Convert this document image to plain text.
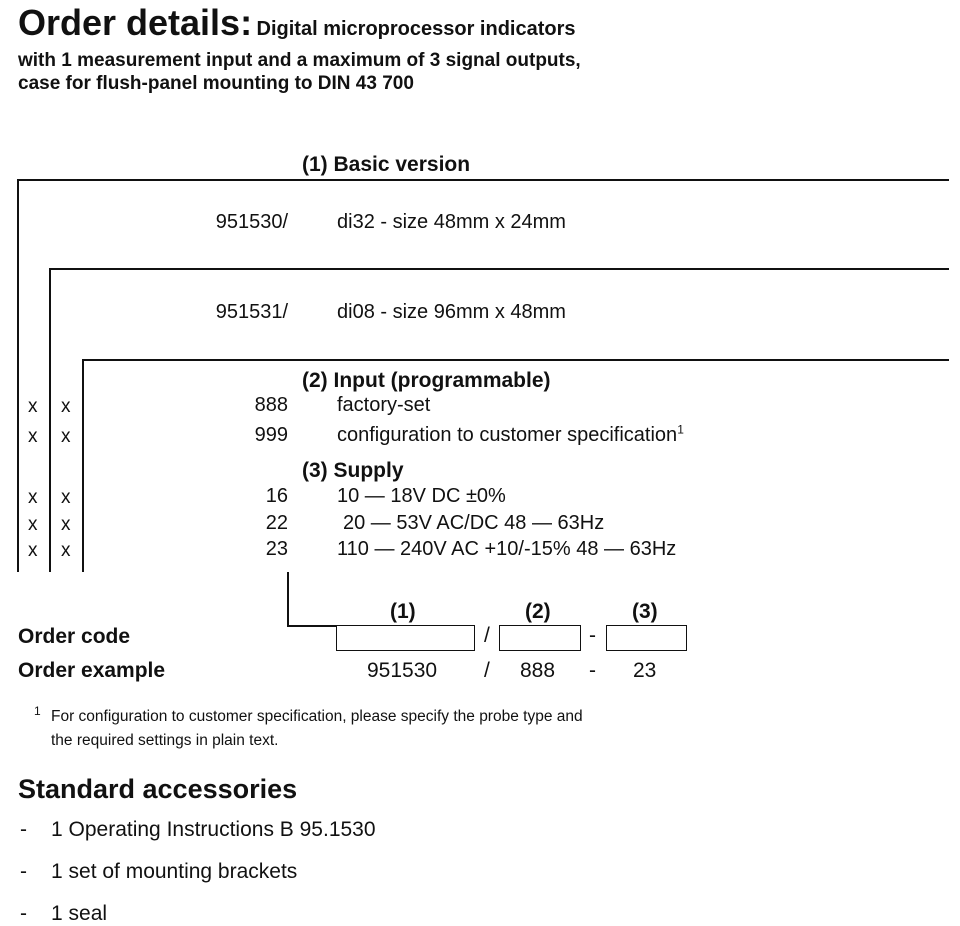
Order details: Digital microprocessor indicators
with 1 measurement input and a maximum of 3 signal outputs,
case for flush-panel mounting to DIN 43 700
(1) Basic version
951530/ di32 - size 48mm x 24mm
951531/ di08 - size 96mm x 48mm
(2) Input (programmable)
x x	888 factory-set
x x	999 configuration to customer specification$^1$
(3) Supply
x x	16 10 — 18V DC ±0%
x x	22	20 — 53V AC/DC 48 — 63Hz
x x	23 110 — 240V AC +10/-15% 48 — 63Hz
(1)	(2)	(3)
Order code	/	-
Order example	951530 / 888 - 23
1 For configuration to customer specification, please specify the probe type and
the required settings in plain text.
Standard accessories
- 1 Operating Instructions B 95.1530
- 1 set of mounting brackets
- 1 seal
